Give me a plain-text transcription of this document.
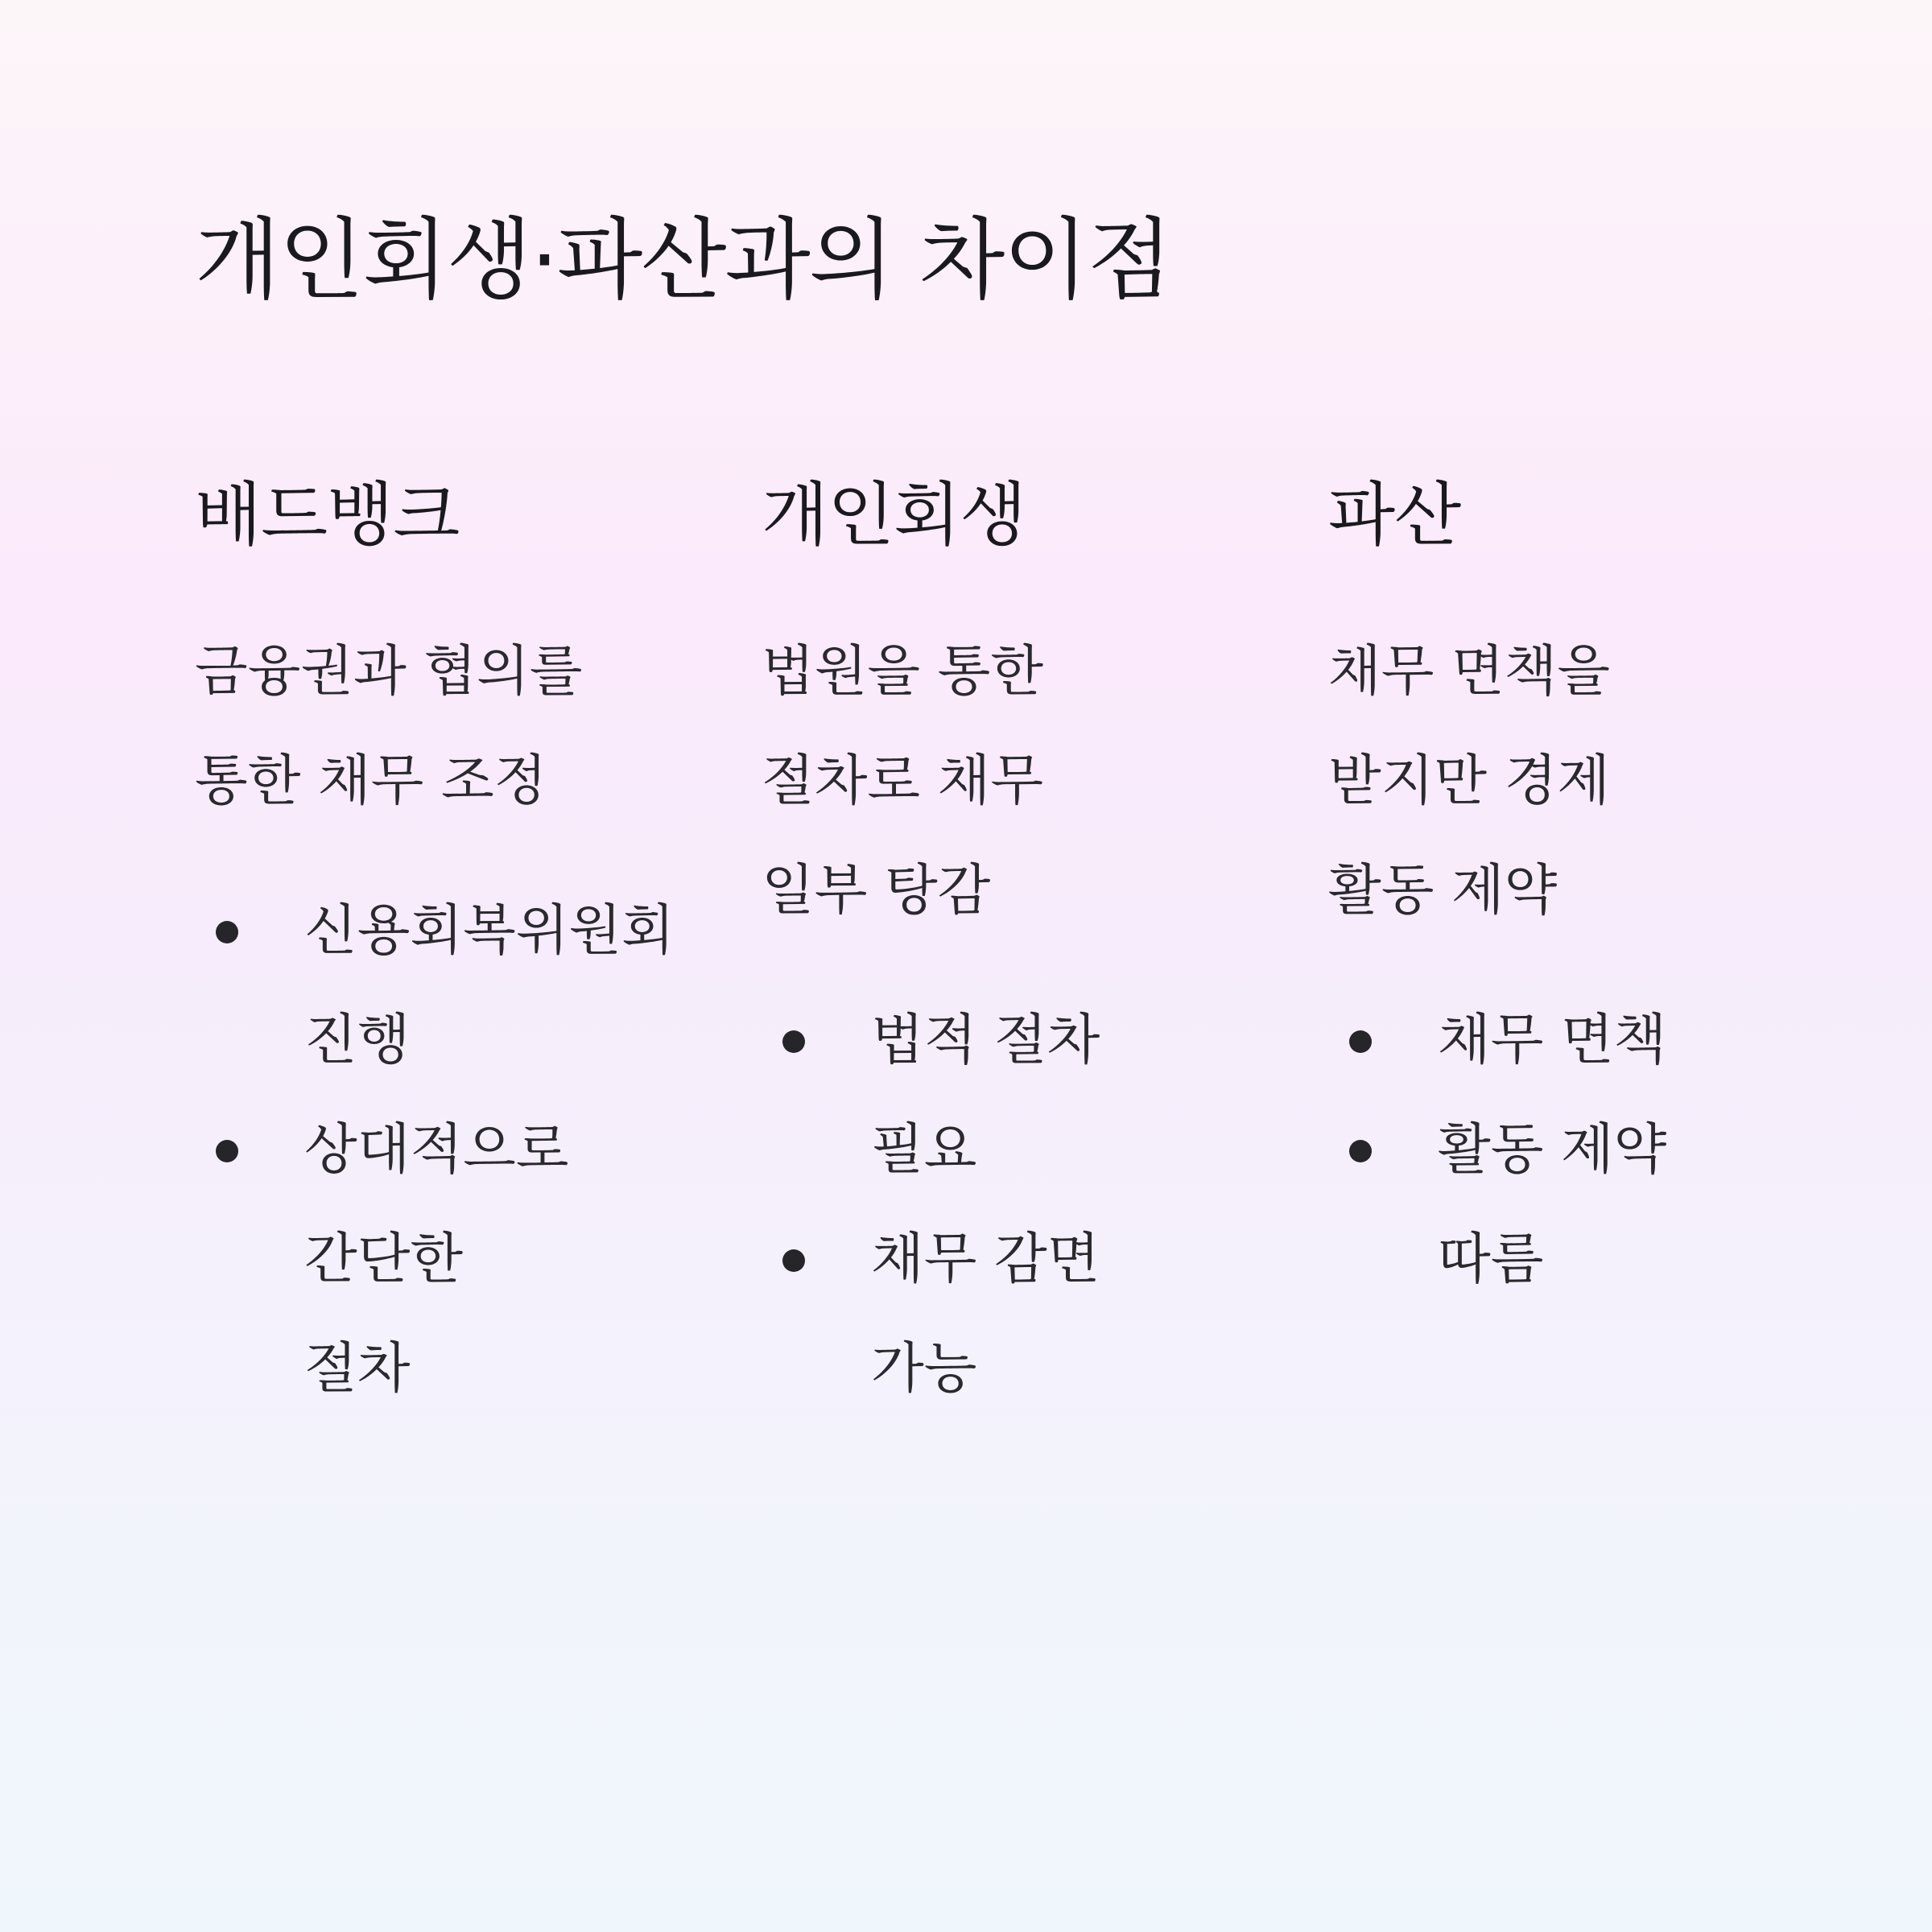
개인회생·파산과의 차이점
배드뱅크

금융권과 협의를 통한 채무 조정

신용회복위원회 진행
상대적으로 간단한 절차
개인회생

법원을 통한 절차로 채무 일부 탕감

법적 절차 필요
채무 감면 가능
파산

채무 면책을 받지만 경제 활동 제약

채무 면책
활동 제약 따름
